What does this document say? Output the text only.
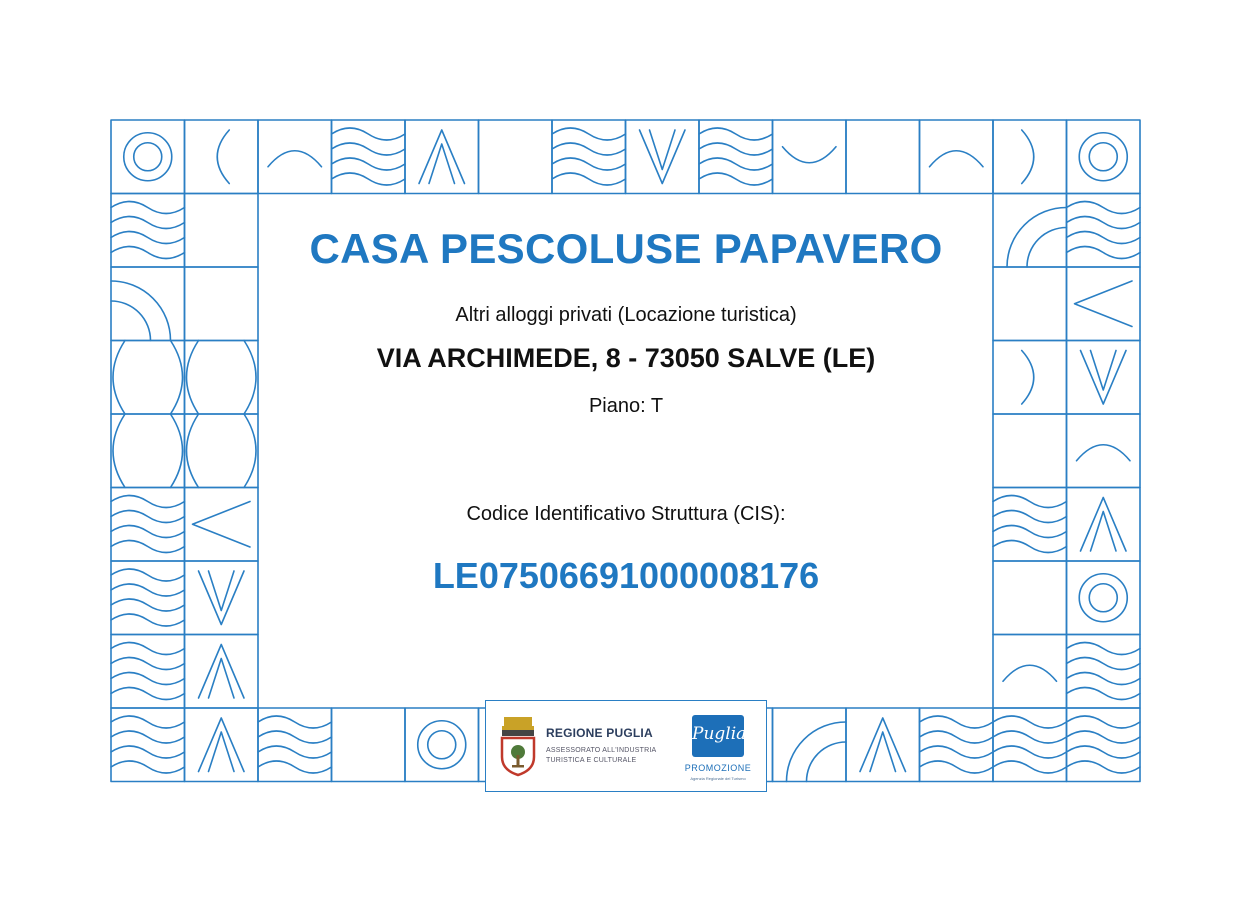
CASA PESCOLUSE PAPAVERO
Altri alloggi privati (Locazione turistica)
VIA ARCHIMEDE, 8 - 73050 SALVE (LE)
Piano: T
Codice Identificativo Struttura (CIS):
LE07506691000008176
REGIONE PUGLIA
ASSESSORATO ALL'INDUSTRIA
TURISTICA E CULTURALE
Puglia
PROMOZIONE
Agenzia Regionale del Turismo
